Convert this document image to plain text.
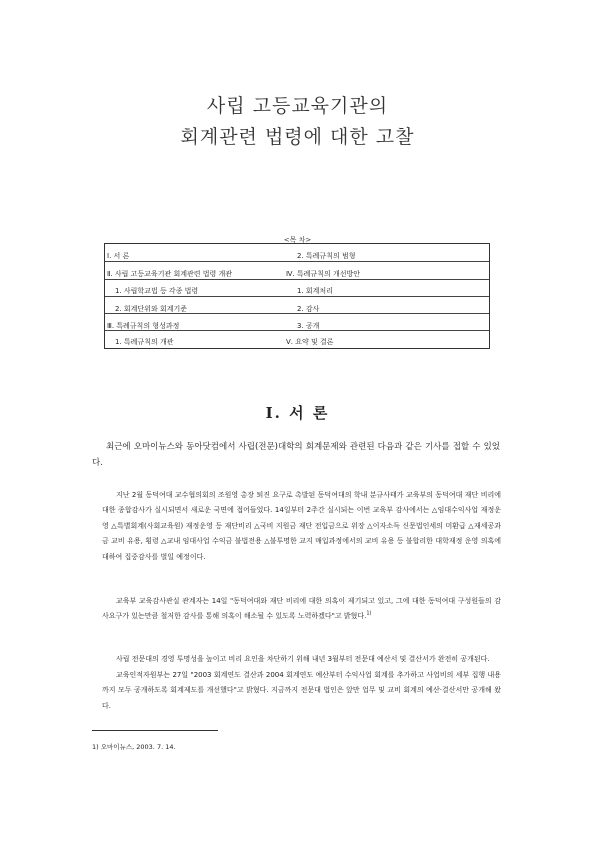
사립 고등교육기관의
회계관련 법령에 대한 고찰
<목 차>
Ⅰ. 서 론	2. 특례규칙의 범형
Ⅱ. 사립 고등교육기관 회계관련 법령 개관	Ⅳ. 특례규칙의 개선방안
1. 사립학교법 등 각종 법령	1. 회계처리
2. 회계단위와 회계기준	2. 감사
Ⅲ. 특례규칙의 형성과정	3. 공개
1. 특례규칙의 개관	Ⅴ. 요약 및 결론
Ⅰ. 서 론

최근에 오마이뉴스와 동아닷컴에서 사립(전문)대학의 회계문제와 관련된 다음과 같은 기사를 접할 수 있었다.

지난 2월 동덕여대 교수협의회의 조원영 총장 퇴진 요구로 촉발된 동덕여대의 학내 분규사태가 교육부의 동덕여대 재단 비리에 대한 종합감사가 실시되면서 새로운 국면에 접어들었다. 14일부터 2주간 실시되는 이번 교육부 감사에서는 △임대수익사업 재정운영 △특별회계(사회교육원) 재정운영 등 재단비리 △국비 지원금 재단 전입금으로 위장 △이자소득 신문법인세의 미환급 △재세공과금 교비 유용, 횡령 △교내 임대사업 수익금 불법전용 △불투명한 교지 매입과정에서의 교비 유용 등 불합리한 대학재정 운영 의혹에 대하여 집중감사를 벌일 예정이다.

교육부 교육감사관실 관계자는 14일 "동덕여대와 재단 비리에 대한 의혹이 제기되고 있고, 그에 대한 동덕여대 구성원들의 감사요구가 있는만큼 철저한 감사를 통해 의혹이 해소될 수 있도록 노력하겠다"고 밝혔다.$^{1)}$

사립 전문대의 경영 투명성을 높이고 비리 요인을 차단하기 위해 내년 3월부터 전문대 예산서 및 결산서가 완전히 공개된다.

교육인적자원부는 27일 "2003 회계연도 결산과 2004 회계연도 예산부터 수익사업 회계를 추가하고 사업비의 세부 집행 내용까지 모두 공개하도록 회계제도를 개선했다"고 밝혔다. 지금까지 전문대 법인은 앞만 업무 및 교비 회계의 예산·결산서만 공개해 왔다.

1) 오마이뉴스, 2003. 7. 14.
